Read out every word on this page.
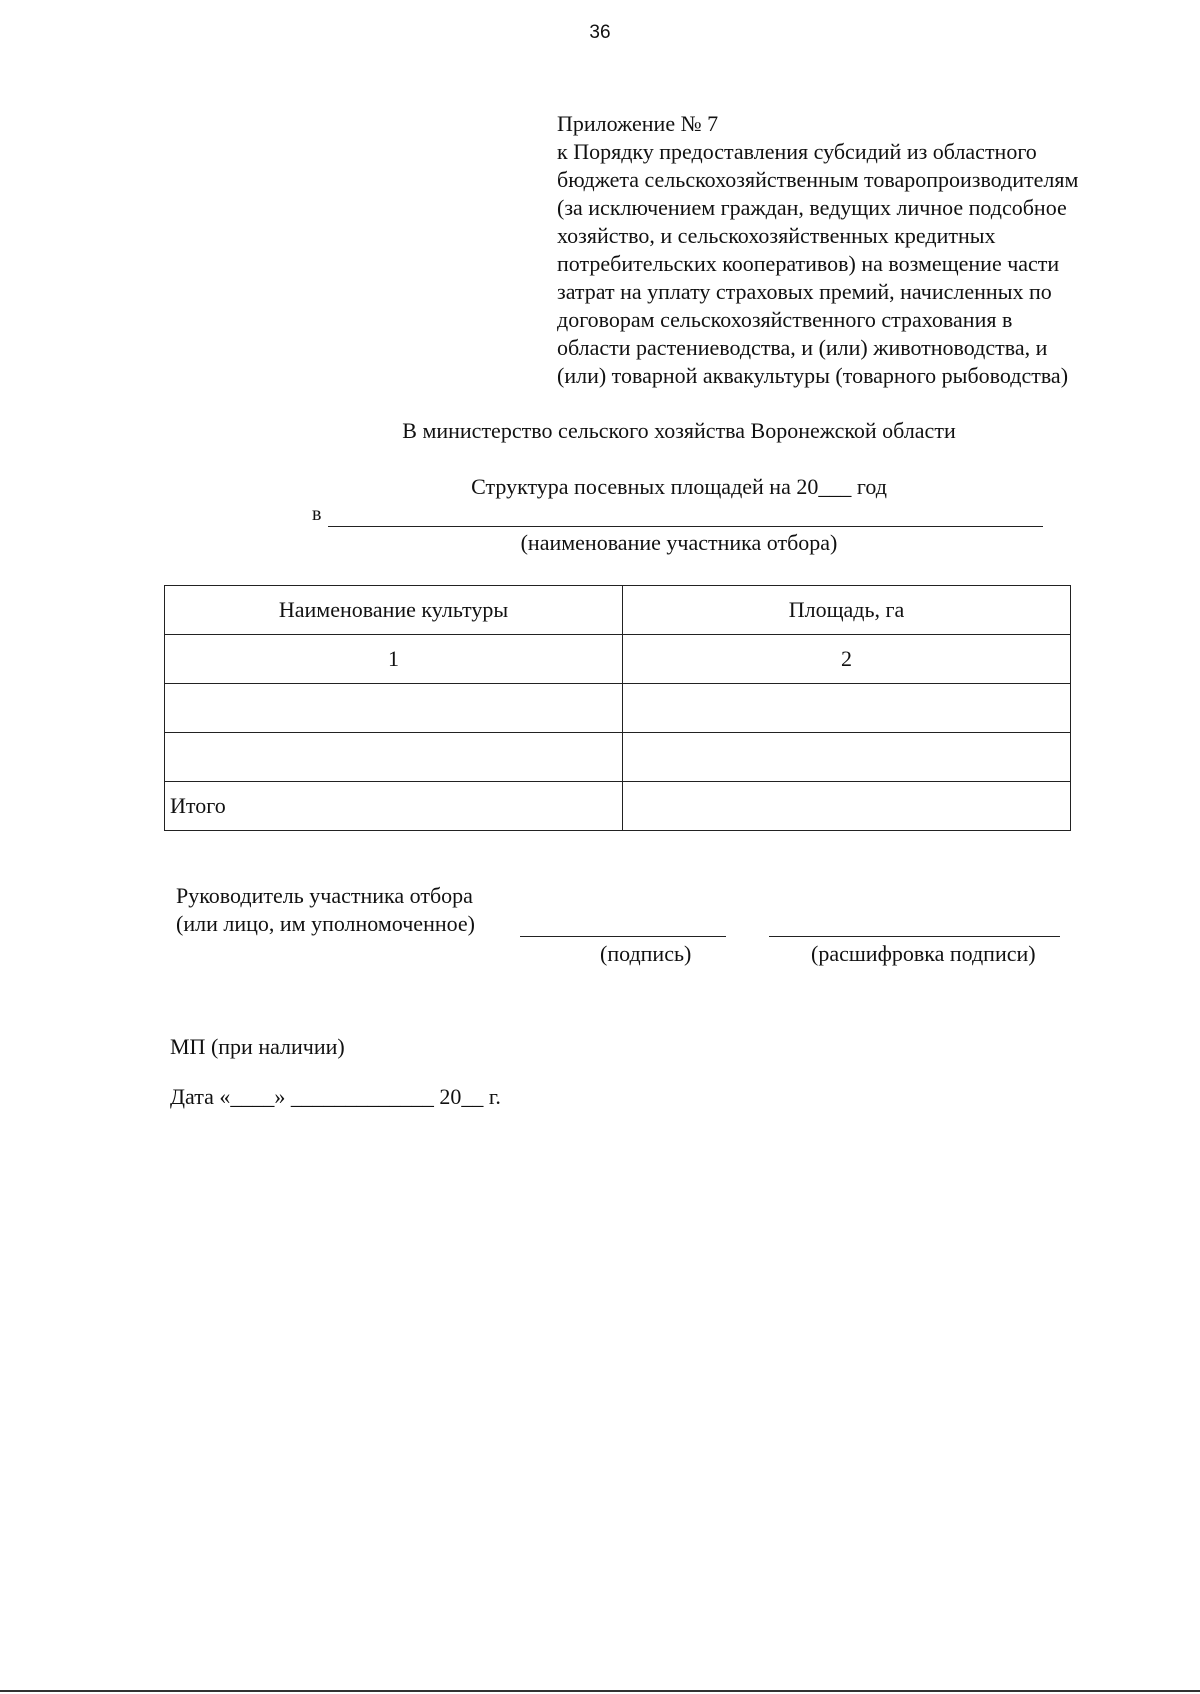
36
Приложение № 7
к Порядку предоставления субсидий из областного
бюджета сельскохозяйственным товаропроизводителям
(за исключением граждан, ведущих личное подсобное
хозяйство, и сельскохозяйственных кредитных
потребительских кооперативов) на возмещение части
затрат на уплату страховых премий, начисленных по
договорам сельскохозяйственного страхования в
области растениеводства, и (или) животноводства, и
(или) товарной аквакультуры (товарного рыбоводства)
В министерство сельского хозяйства Воронежской области
Структура посевных площадей на 20___ год
в
(наименование участника отбора)
Наименование культуры	Площадь, га
1	2

Итого	
Руководитель участника отбора
(или лицо, им уполномоченное)
(подпись)	(расшифровка подписи)
МП (при наличии)
Дата «____» _____________ 20__ г.
